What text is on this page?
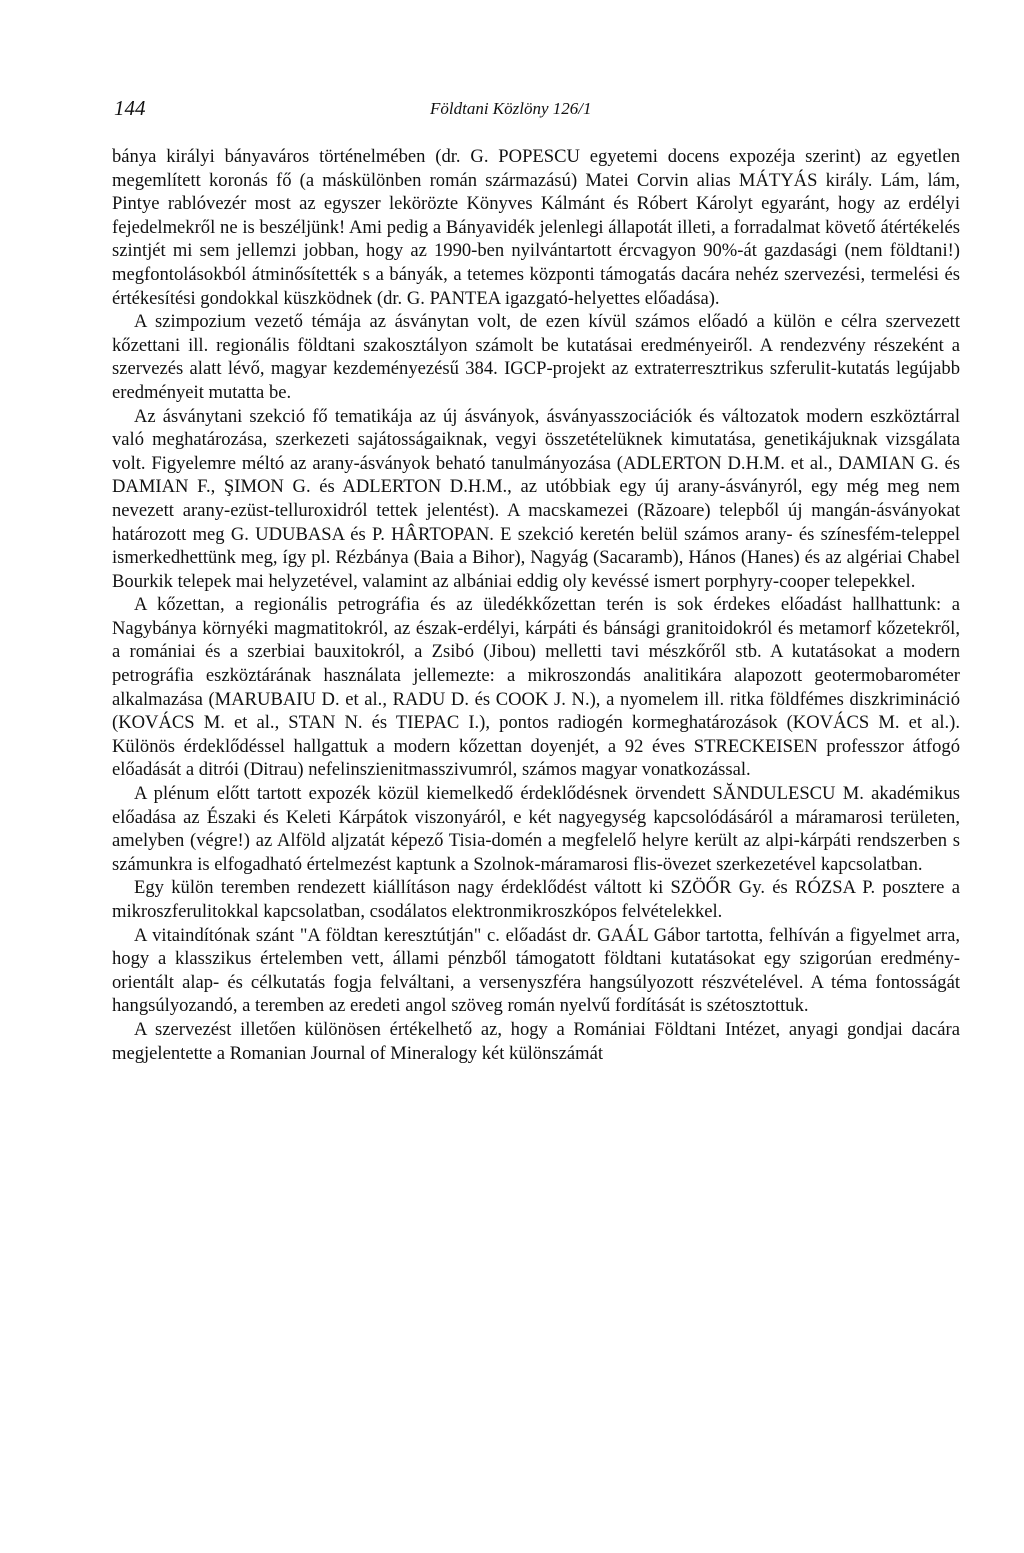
144	Földtani Közlöny 126/1

bánya királyi bányaváros történelmében (dr. G. POPESCU egyetemi docens expozéja szerint) az egyetlen megemlített koronás fő (a máskülönben román származású) Matei Corvin alias MÁTYÁS király. Lám, lám, Pintye rablóvezér most az egyszer lekörözte Könyves Kálmánt és Róbert Károlyt egyaránt, hogy az erdélyi fejedelmekről ne is beszéljünk! Ami pedig a Bányavidék jelenlegi állapotát illeti, a forradalmat követő átértékelés szintjét mi sem jellemzi jobban, hogy az 1990-ben nyilvántartott ércvagyon 90%-át gazdasági (nem földtani!) megfontolásokból átminősítették s a bányák, a tetemes központi támogatás dacára nehéz szervezési, termelési és értékesítési gondokkal küszködnek (dr. G. PANTEA igazgató-helyettes előadása).

A szimpozium vezető témája az ásványtan volt, de ezen kívül számos előadó a külön e célra szervezett kőzettani ill. regionális földtani szakosztályon számolt be kutatásai eredményeiről. A rendezvény részeként a szervezés alatt lévő, magyar kezdeményezésű 384. IGCP-projekt az extraterresztrikus szferulit-kutatás legújabb eredményeit mutatta be.

Az ásványtani szekció fő tematikája az új ásványok, ásványasszociációk és változatok modern eszköztárral való meghatározása, szerkezeti sajátosságaiknak, vegyi összetételüknek kimutatása, genetikájuknak vizsgálata volt. Figyelemre méltó az arany-ásványok beható tanulmányozása (ADLERTON D.H.M. et al., DAMIAN G. és DAMIAN F., ŞIMON G. és ADLERTON D.H.M., az utóbbiak egy új arany-ásványról, egy még meg nem nevezett arany-ezüst-telluroxidról tettek jelentést). A macskamezei (Răzoare) telepből új mangán-ásványokat határozott meg G. UDUBASA és P. HÂRTOPAN. E szekció keretén belül számos arany- és színesfém-teleppel ismerkedhettünk meg, így pl. Rézbánya (Baia a Bihor), Nagyág (Sacaramb), Hános (Hanes) és az algériai Chabel Bourkik telepek mai helyzetével, valamint az albániai eddig oly kevéssé ismert porphyry-cooper telepekkel.

A kőzettan, a regionális petrográfia és az üledékkőzettan terén is sok érdekes előadást hallhattunk: a Nagybánya környéki magmatitokról, az észak-erdélyi, kárpáti és bánsági granitoidokról és metamorf kőzetekről, a romániai és a szerbiai bauxitokról, a Zsibó (Jibou) melletti tavi mészkőről stb. A kutatásokat a modern petrográfia eszköztárának használata jellemezte: a mikroszondás analitikára alapozott geotermobarométer alkalmazása (MARUBAIU D. et al., RADU D. és COOK J. N.), a nyomelem ill. ritka földfémes diszkrimináció (KOVÁCS M. et al., STAN N. és TIEPAC I.), pontos radiogén kormeghatározások (KOVÁCS M. et al.). Különös érdeklődéssel hallgattuk a modern kőzettan doyenjét, a 92 éves STRECKEISEN professzor átfogó előadását a ditrói (Ditrau) nefelinszienitmasszivumról, számos magyar vonatkozással.

A plénum előtt tartott expozék közül kiemelkedő érdeklődésnek örvendett SĂNDULESCU M. akadémikus előadása az Északi és Keleti Kárpátok viszonyáról, e két nagyegység kapcsolódásáról a máramarosi területen, amelyben (végre!) az Alföld aljzatát képező Tisia-domén a megfelelő helyre került az alpi-kárpáti rendszerben s számunkra is elfogadható értelmezést kaptunk a Szolnok-máramarosi flis-övezet szerkezetével kapcsolatban.

Egy külön teremben rendezett kiállításon nagy érdeklődést váltott ki SZÖŐR Gy. és RÓZSA P. posztere a mikroszferulitokkal kapcsolatban, csodálatos elektronmikroszkópos felvételekkel.

A vitaindítónak szánt "A földtan keresztútján" c. előadást dr. GAÁL Gábor tartotta, felhíván a figyelmet arra, hogy a klasszikus értelemben vett, állami pénzből támogatott földtani kutatásokat egy szigorúan eredmény-orientált alap- és célkutatás fogja felváltani, a versenyszféra hangsúlyozott részvételével. A téma fontosságát hangsúlyozandó, a teremben az eredeti angol szöveg román nyelvű fordítását is szétosztottuk.

A szervezést illetően különösen értékelhető az, hogy a Romániai Földtani Intézet, anyagi gondjai dacára megjelentette a Romanian Journal of Mineralogy két különszámát
